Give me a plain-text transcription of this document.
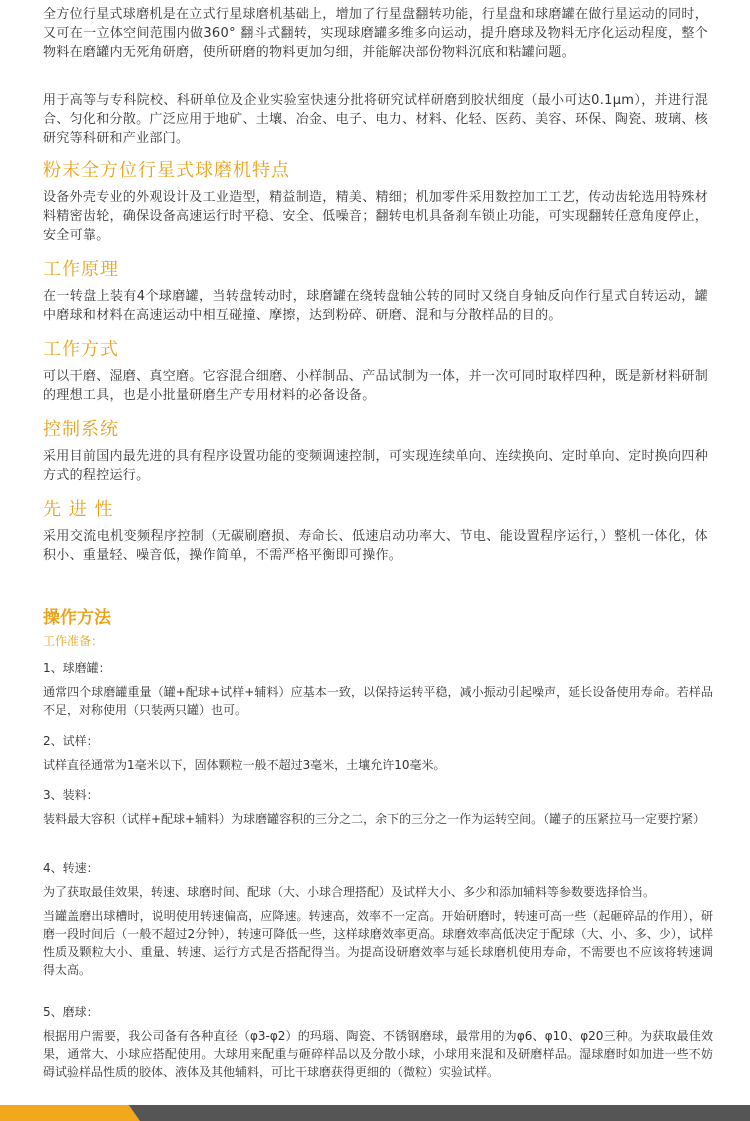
全方位行星式球磨机是在立式行星球磨机基础上，增加了行星盘翻转功能，行星盘和球磨罐在做行星运动的同时，又可在一立体空间范围内做360° 翻斗式翻转，实现球磨罐多维多向运动，提升磨球及物料无序化运动程度，整个物料在磨罐内无死角研磨，使所研磨的物料更加匀细，并能解决部份物料沉底和粘罐问题。

用于高等与专科院校、科研单位及企业实验室快速分批将研究试样研磨到胶状细度（最小可达0.1μm），并进行混合、匀化和分散。广泛应用于地矿、土壤、冶金、电子、电力、材料、化轻、医药、美容、环保、陶瓷、玻璃、核研究等科研和产业部门。

粉末全方位行星式球磨机特点

设备外壳专业的外观设计及工业造型，精益制造，精美、精细；机加零件采用数控加工工艺，传动齿轮选用特殊材料精密齿轮，确保设备高速运行时平稳、安全、低噪音；翻转电机具备刹车锁止功能，可实现翻转任意角度停止，安全可靠。

工作原理

在一转盘上装有4个球磨罐，当转盘转动时，球磨罐在绕转盘轴公转的同时又绕自身轴反向作行星式自转运动，罐中磨球和材料在高速运动中相互碰撞、摩擦，达到粉碎、研磨、混和与分散样品的目的。

工作方式

可以干磨、湿磨、真空磨。它容混合细磨、小样制品、产品试制为一体，并一次可同时取样四种，既是新材料研制的理想工具，也是小批量研磨生产专用材料的必备设备。

控制系统

采用目前国内最先进的具有程序设置功能的变频调速控制，可实现连续单向、连续换向、定时单向、定时换向四种方式的程控运行。

先 进 性

采用交流电机变频程序控制（无碳刷磨损、寿命长、低速启动功率大、节电、能设置程序运行，）整机一体化，体积小、重量轻、噪音低，操作简单，不需严格平衡即可操作。

操作方法
工作准备：

1、球磨罐：

通常四个球磨罐重量（罐+配球+试样+辅料）应基本一致，以保持运转平稳，减小振动引起噪声，延长设备使用寿命。若样品不足，对称使用（只装两只罐）也可。

2、试样：

试样直径通常为1毫米以下，固体颗粒一般不超过3毫米，土壤允许10毫米。

3、装料：

装料最大容积（试样+配球+辅料）为球磨罐容积的三分之二，余下的三分之一作为运转空间。（罐子的压紧拉马一定要拧紧）

4、转速：

为了获取最佳效果，转速、球磨时间、配球（大、小球合理搭配）及试样大小、多少和添加辅料等参数要选择恰当。

当罐盖磨出球槽时，说明使用转速偏高，应降速。转速高，效率不一定高。开始研磨时，转速可高一些（起砸碎品的作用），研磨一段时间后（一般不超过2分钟），转速可降低一些，这样球磨效率更高。球磨效率高低决定于配球（大、小、多、少），试样性质及颗粒大小、重量、转速、运行方式是否搭配得当。为提高设研磨效率与延长球磨机使用寿命，不需要也不应该将转速调得太高。

5、磨球：

根据用户需要，我公司备有各种直径（φ3-φ2）的玛瑙、陶瓷、不锈钢磨球，最常用的为φ6、φ10、φ20三种。为获取最佳效果，通常大、小球应搭配使用。大球用来配重与砸碎样品以及分散小球，小球用来混和及研磨样品。湿球磨时如加进一些不妨碍试验样品性质的胶体、液体及其他辅料，可比干球磨获得更细的（微粒）实验试样。
